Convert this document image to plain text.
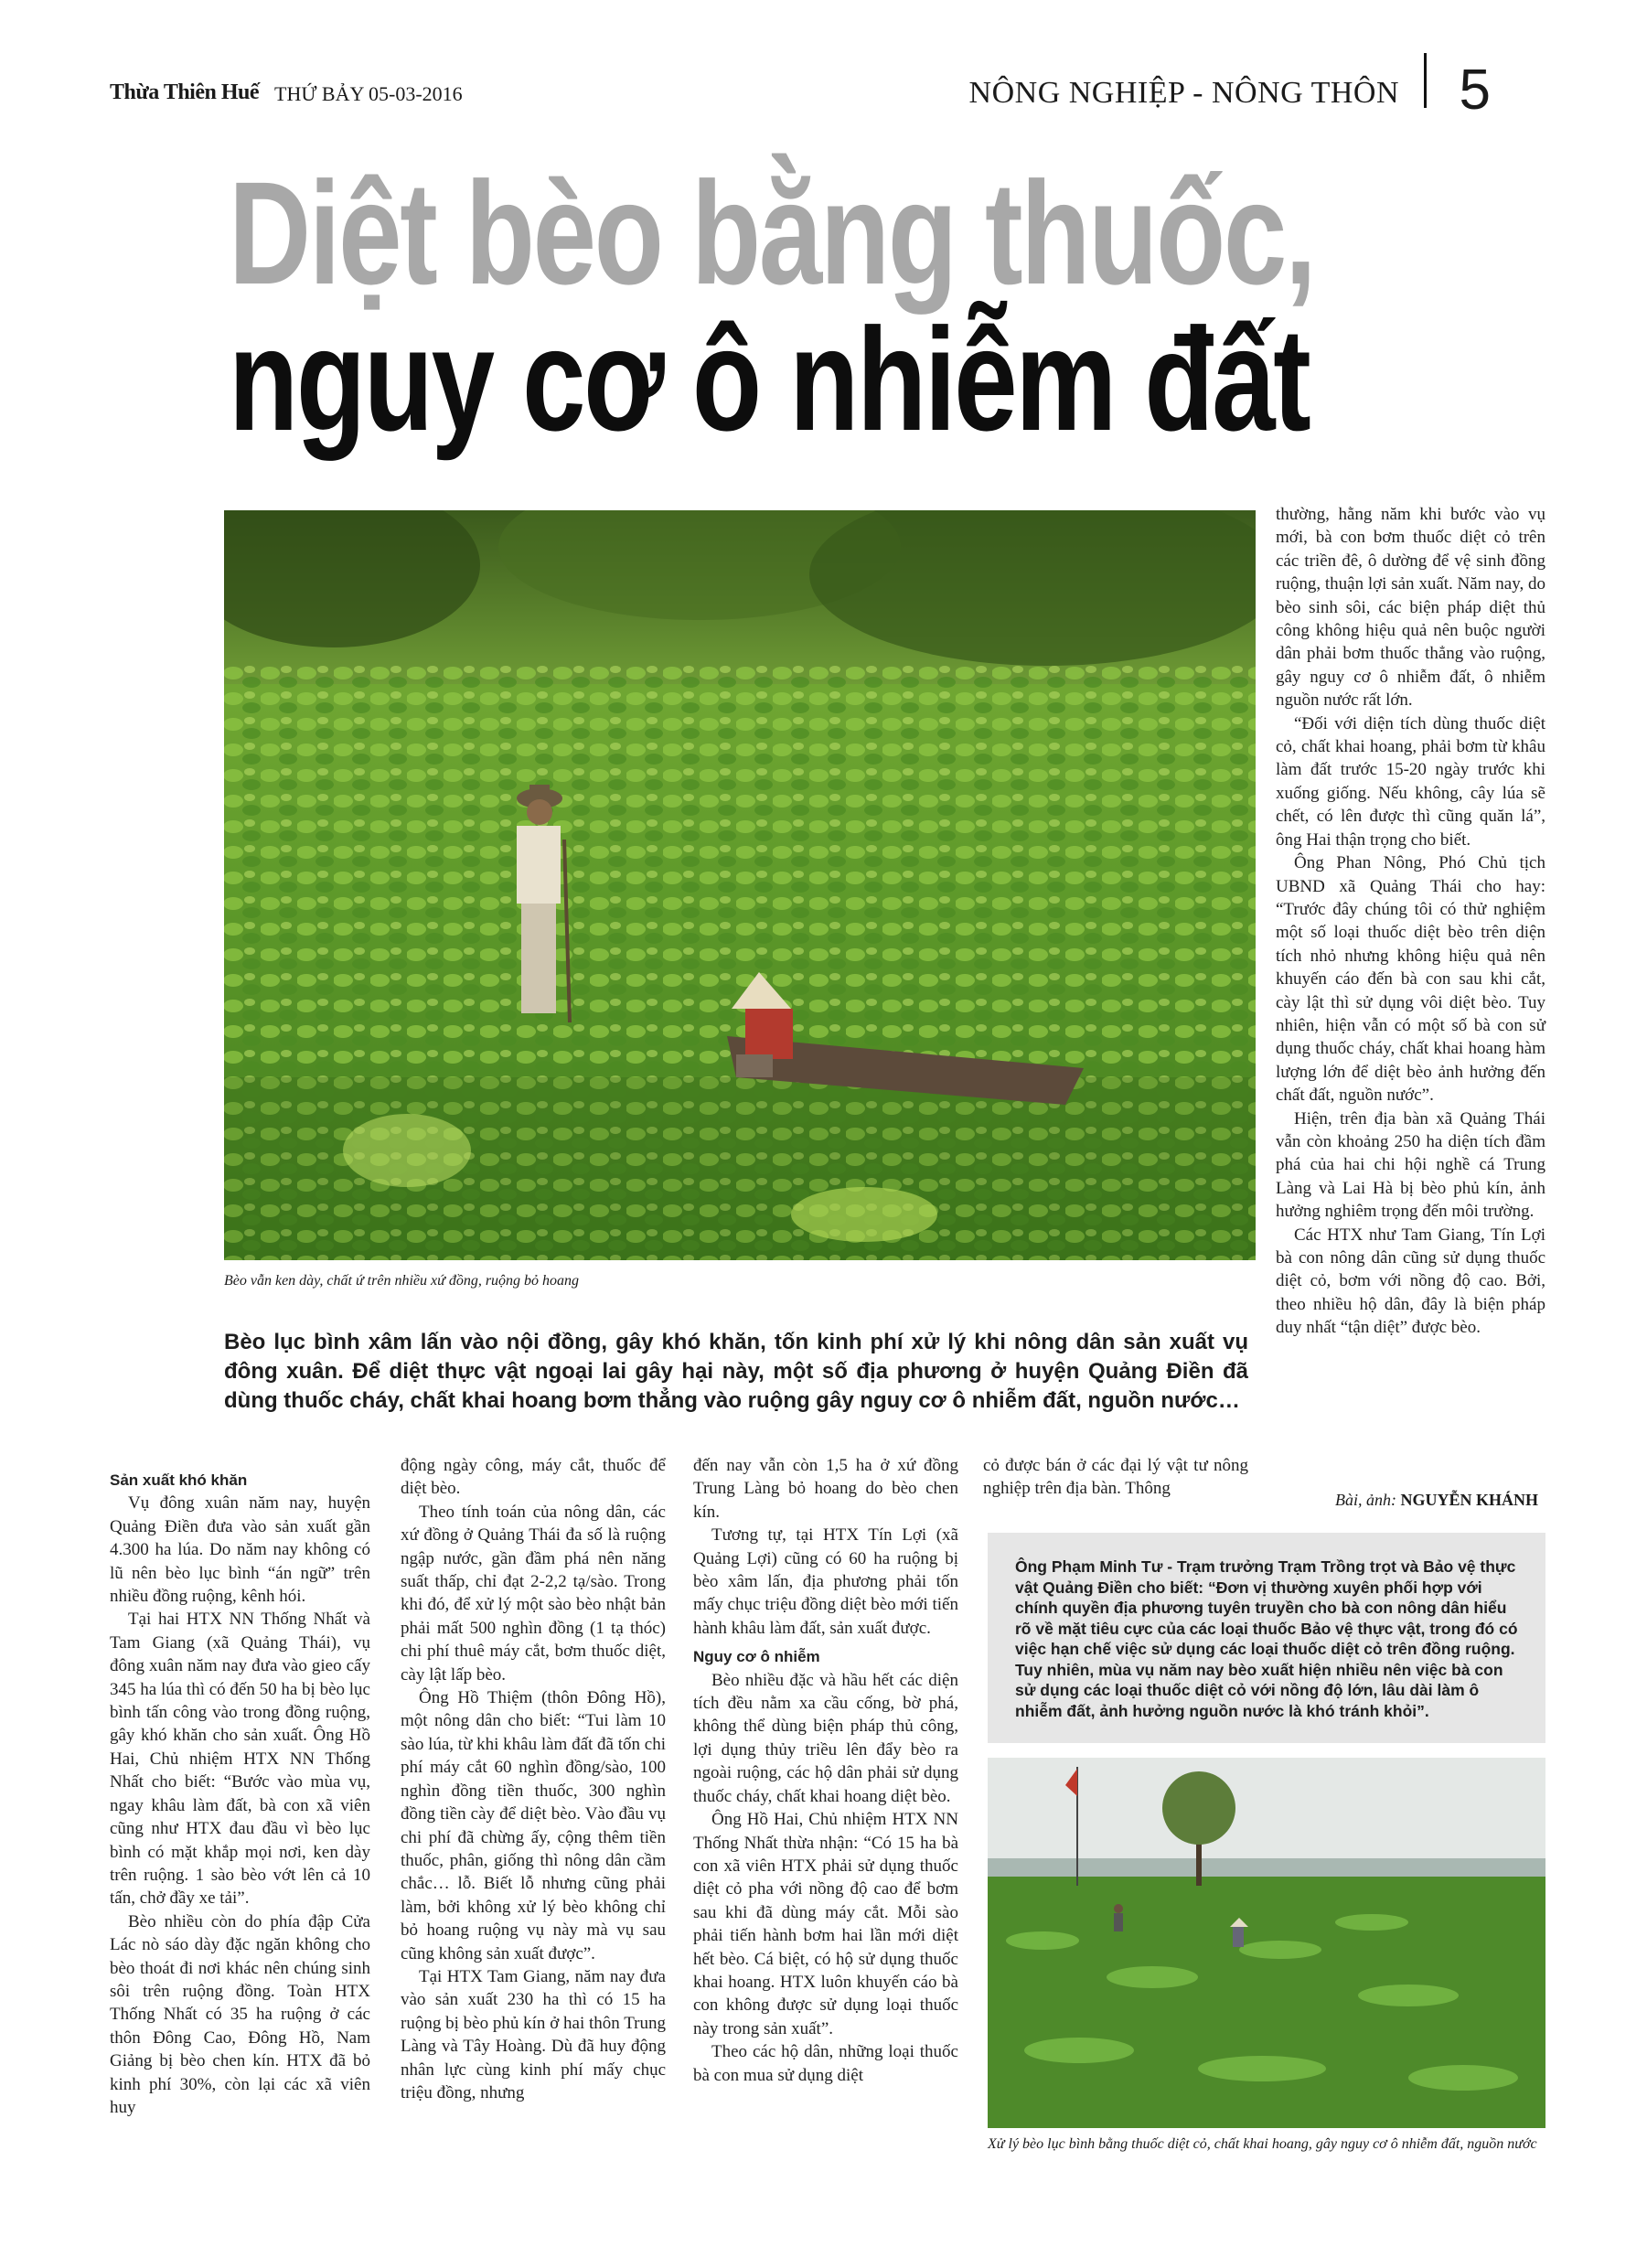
Thừa Thiên Huế THỨ BẢY 05-03-2016	NÔNG NGHIỆP - NÔNG THÔN 5
Diệt bèo bằng thuốc,
nguy cơ ô nhiễm đất
Bèo vẫn ken dày, chất ứ trên nhiều xứ đồng, ruộng bỏ hoang

Bèo lục bình xâm lấn vào nội đồng, gây khó khăn, tốn kinh phí xử lý khi nông dân sản xuất vụ đông xuân. Để diệt thực vật ngoại lai gây hại này, một số địa phương ở huyện Quảng Điền đã dùng thuốc cháy, chất khai hoang bơm thẳng vào ruộng gây nguy cơ ô nhiễm đất, nguồn nước…

Sản xuất khó khăn

Vụ đông xuân năm nay, huyện Quảng Điền đưa vào sản xuất gần 4.300 ha lúa. Do năm nay không có lũ nên bèo lục bình “án ngữ” trên nhiều đồng ruộng, kênh hói.

Tại hai HTX NN Thống Nhất và Tam Giang (xã Quảng Thái), vụ đông xuân năm nay đưa vào gieo cấy 345 ha lúa thì có đến 50 ha bị bèo lục bình tấn công vào trong đồng ruộng, gây khó khăn cho sản xuất. Ông Hồ Hai, Chủ nhiệm HTX NN Thống Nhất cho biết: “Bước vào mùa vụ, ngay khâu làm đất, bà con xã viên cũng như HTX đau đầu vì bèo lục bình có mặt khắp mọi nơi, ken dày trên ruộng. 1 sào bèo vớt lên cả 10 tấn, chở đầy xe tải”.

Bèo nhiều còn do phía đập Cửa Lác nò sáo dày đặc ngăn không cho bèo thoát đi nơi khác nên chúng sinh sôi trên ruộng đồng. Toàn HTX Thống Nhất có 35 ha ruộng ở các thôn Đông Cao, Đông Hồ, Nam Giảng bị bèo chen kín. HTX đã bỏ kinh phí 30%, còn lại các xã viên huy

động ngày công, máy cắt, thuốc để diệt bèo.

Theo tính toán của nông dân, các xứ đồng ở Quảng Thái đa số là ruộng ngập nước, gần đầm phá nên năng suất thấp, chỉ đạt 2-2,2 tạ/sào. Trong khi đó, để xử lý một sào bèo nhật bản phải mất 500 nghìn đồng (1 tạ thóc) chi phí thuê máy cắt, bơm thuốc diệt, cày lật lấp bèo.

Ông Hồ Thiệm (thôn Đông Hồ), một nông dân cho biết: “Tui làm 10 sào lúa, từ khi khâu làm đất đã tốn chi phí máy cắt 60 nghìn đồng/sào, 100 nghìn đồng tiền thuốc, 300 nghìn đồng tiền cày để diệt bèo. Vào đầu vụ chi phí đã chừng ấy, cộng thêm tiền thuốc, phân, giống thì nông dân cầm chắc… lỗ. Biết lỗ nhưng cũng phải làm, bởi không xử lý bèo không chỉ bỏ hoang ruộng vụ này mà vụ sau cũng không sản xuất được”.

Tại HTX Tam Giang, năm nay đưa vào sản xuất 230 ha thì có 15 ha ruộng bị bèo phủ kín ở hai thôn Trung Làng và Tây Hoàng. Dù đã huy động nhân lực cùng kinh phí mấy chục triệu đồng, nhưng

đến nay vẫn còn 1,5 ha ở xứ đồng Trung Làng bỏ hoang do bèo chen kín.

Tương tự, tại HTX Tín Lợi (xã Quảng Lợi) cũng có 60 ha ruộng bị bèo xâm lấn, địa phương phải tốn mấy chục triệu đồng diệt bèo mới tiến hành khâu làm đất, sản xuất được.

Nguy cơ ô nhiễm

Bèo nhiều đặc và hầu hết các diện tích đều nằm xa cầu cống, bờ phá, không thể dùng biện pháp thủ công, lợi dụng thủy triều lên đẩy bèo ra ngoài ruộng, các hộ dân phải sử dụng thuốc cháy, chất khai hoang diệt bèo.

Ông Hồ Hai, Chủ nhiệm HTX NN Thống Nhất thừa nhận: “Có 15 ha bà con xã viên HTX phải sử dụng thuốc diệt cỏ pha với nồng độ cao để bơm sau khi đã dùng máy cắt. Mỗi sào phải tiến hành bơm hai lần mới diệt hết bèo. Cá biệt, có hộ sử dụng thuốc khai hoang. HTX luôn khuyến cáo bà con không được sử dụng loại thuốc này trong sản xuất”.

Theo các hộ dân, những loại thuốc bà con mua sử dụng diệt

cỏ được bán ở các đại lý vật tư nông nghiệp trên địa bàn. Thông

thường, hằng năm khi bước vào vụ mới, bà con bơm thuốc diệt cỏ trên các triền đê, ô dường để vệ sinh đồng ruộng, thuận lợi sản xuất. Năm nay, do bèo sinh sôi, các biện pháp diệt thủ công không hiệu quả nên buộc người dân phải bơm thuốc thẳng vào ruộng, gây nguy cơ ô nhiễm đất, ô nhiễm nguồn nước rất lớn.

“Đối với diện tích dùng thuốc diệt cỏ, chất khai hoang, phải bơm từ khâu làm đất trước 15-20 ngày trước khi xuống giống. Nếu không, cây lúa sẽ chết, có lên được thì cũng quăn lá”, ông Hai thận trọng cho biết.

Ông Phan Nông, Phó Chủ tịch UBND xã Quảng Thái cho hay: “Trước đây chúng tôi có thử nghiệm một số loại thuốc diệt bèo trên diện tích nhỏ nhưng không hiệu quả nên khuyến cáo đến bà con sau khi cắt, cày lật thì sử dụng vôi diệt bèo. Tuy nhiên, hiện vẫn có một số bà con sử dụng thuốc cháy, chất khai hoang hàm lượng lớn để diệt bèo ảnh hưởng đến chất đất, nguồn nước”.

Hiện, trên địa bàn xã Quảng Thái vẫn còn khoảng 250 ha diện tích đầm phá của hai chi hội nghề cá Trung Làng và Lai Hà bị bèo phủ kín, ảnh hưởng nghiêm trọng đến môi trường.

Các HTX như Tam Giang, Tín Lợi bà con nông dân cũng sử dụng thuốc diệt cỏ, bơm với nồng độ cao. Bởi, theo nhiều hộ dân, đây là biện pháp duy nhất “tận diệt” được bèo.

Bài, ảnh: NGUYỄN KHÁNH
Ông Phạm Minh Tư - Trạm trưởng Trạm Trồng trọt và Bảo vệ thực vật Quảng Điền cho biết: “Đơn vị thường xuyên phối hợp với chính quyền địa phương tuyên truyền cho bà con nông dân hiểu rõ về mặt tiêu cực của các loại thuốc Bảo vệ thực vật, trong đó có việc hạn chế việc sử dụng các loại thuốc diệt cỏ trên đồng ruộng. Tuy nhiên, mùa vụ năm nay bèo xuất hiện nhiều nên việc bà con sử dụng các loại thuốc diệt cỏ với nồng độ lớn, lâu dài làm ô nhiễm đất, ảnh hưởng nguồn nước là khó tránh khỏi”.
Xử lý bèo lục bình bằng thuốc diệt cỏ, chất khai hoang, gây nguy cơ ô nhiễm đất, nguồn nước
